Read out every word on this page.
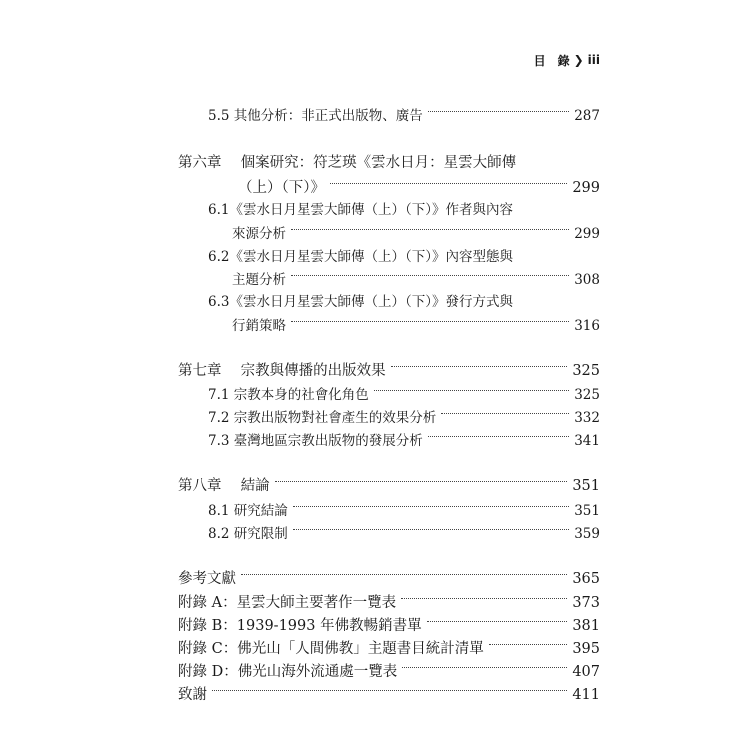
目　錄 ❯ iii
5.5 其他分析：非正式出版物、廣告	287
第六章　 個案研究：符芝瑛《雲水日月：星雲大師傳
（上）（下）》	299
6.1《雲水日月星雲大師傳（上）（下）》作者與內容
來源分析	299
6.2《雲水日月星雲大師傳（上）（下）》內容型態與
主題分析	308
6.3《雲水日月星雲大師傳（上）（下）》發行方式與
行銷策略	316
第七章　 宗教與傳播的出版效果	325
7.1 宗教本身的社會化角色	325
7.2 宗教出版物對社會產生的效果分析	332
7.3 臺灣地區宗教出版物的發展分析	341
第八章　 結論	351
8.1 研究結論	351
8.2 研究限制	359
參考文獻	365
附錄 A：星雲大師主要著作一覽表	373
附錄 B：1939-1993 年佛教暢銷書單	381
附錄 C：佛光山「人間佛教」主題書目統計清單	395
附錄 D：佛光山海外流通處一覽表	407
致謝	411
